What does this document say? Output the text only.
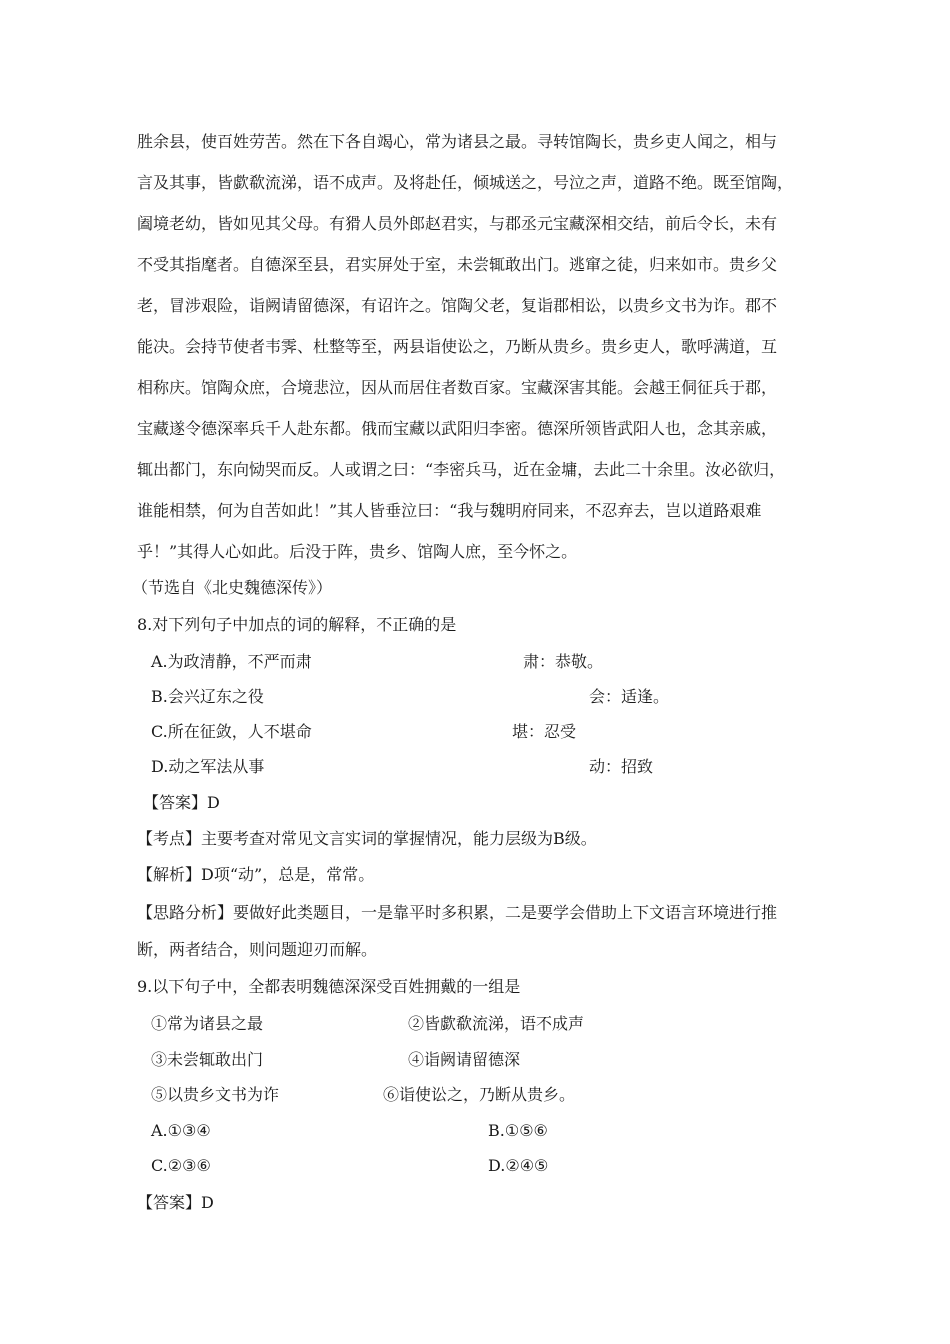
胜余县，使百姓劳苦。然在下各自竭心，常为诸县之最。寻转馆陶长，贵乡吏人闻之，相与
言及其事，皆歔欷流涕，语不成声。及将赴任，倾城送之，号泣之声，道路不绝。既至馆陶，
阖境老幼，皆如见其父母。有猾人员外郎赵君实，与郡丞元宝藏深相交结，前后令长，未有
不受其指麾者。自德深至县，君实屏处于室，未尝辄敢出门。逃窜之徒，归来如市。贵乡父
老，冒涉艰险，诣阙请留德深，有诏许之。馆陶父老，复诣郡相讼，以贵乡文书为诈。郡不
能决。会持节使者韦霁、杜整等至，两县诣使讼之，乃断从贵乡。贵乡吏人，歌呼满道，互
相称庆。馆陶众庶，合境悲泣，因从而居住者数百家。宝藏深害其能。会越王侗征兵于郡，
宝藏遂令德深率兵千人赴东都。俄而宝藏以武阳归李密。德深所领皆武阳人也，念其亲戚，
辄出都门，东向恸哭而反。人或谓之曰：“李密兵马，近在金墉，去此二十余里。汝必欲归，
谁能相禁，何为自苦如此！”其人皆垂泣曰：“我与魏明府同来，不忍弃去，岂以道路艰难
乎！”其得人心如此。后没于阵，贵乡、馆陶人庶，至今怀之。
（节选自《北史魏德深传》）
8.对下列句子中加点的词的解释，不正确的是
A.为政清静，不严而肃	肃：恭敬。
B.会兴辽东之役	会：适逢。
C.所在征敛，人不堪命	堪：忍受
D.动之军法从事	动：招致
【答案】D
【考点】主要考查对常见文言实词的掌握情况，能力层级为B级。
【解析】D项“动”，总是，常常。
【思路分析】要做好此类题目，一是靠平时多积累，二是要学会借助上下文语言环境进行推
断，两者结合，则问题迎刃而解。
9.以下句子中，全都表明魏德深深受百姓拥戴的一组是
①常为诸县之最	②皆歔欷流涕，语不成声
③未尝辄敢出门	④诣阙请留德深
⑤以贵乡文书为诈	⑥诣使讼之，乃断从贵乡。
A.①③④	B.①⑤⑥
C.②③⑥	D.②④⑤
【答案】D
